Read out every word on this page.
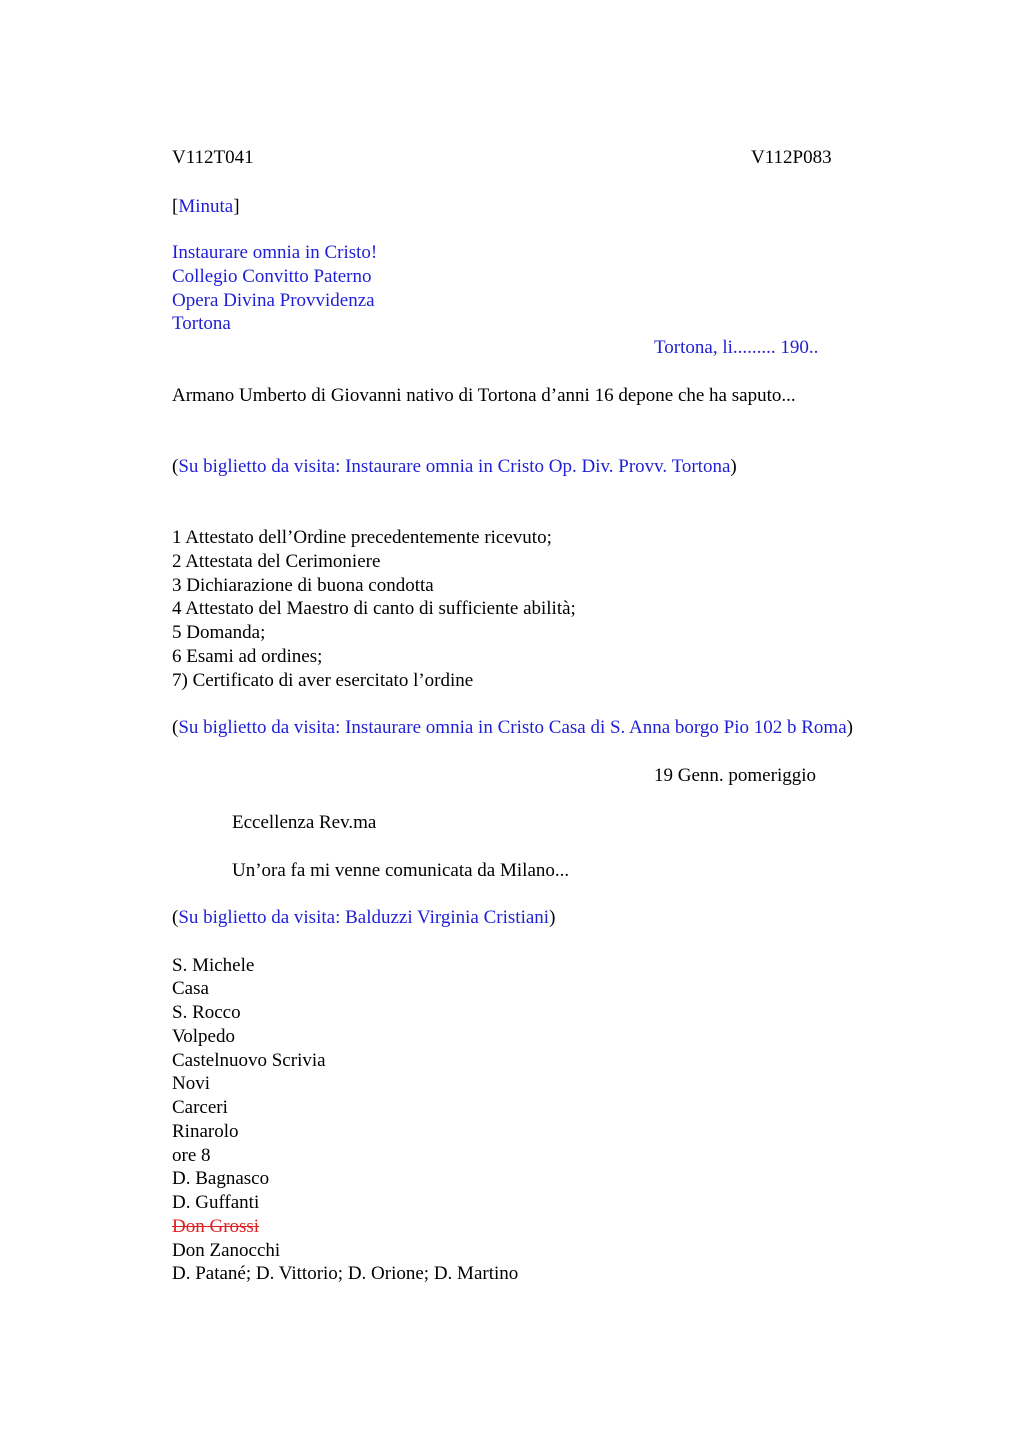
V112T041	V112P083
[Minuta]
Instaurare omnia in Cristo!
Collegio Convitto Paterno
Opera Divina Provvidenza
Tortona
Tortona, li......... 190..
Armano Umberto di Giovanni nativo di Tortona d’anni 16 depone che ha saputo...
(Su biglietto da visita: Instaurare omnia in Cristo Op. Div. Provv. Tortona)
1 Attestato dell’Ordine precedentemente ricevuto;
2 Attestata del Cerimoniere
3 Dichiarazione di buona condotta
4 Attestato del Maestro di canto di sufficiente abilità;
5 Domanda;
6 Esami ad ordines;
7) Certificato di aver esercitato l’ordine
(Su biglietto da visita: Instaurare omnia in Cristo Casa di S. Anna borgo Pio 102 b Roma)
19 Genn. pomeriggio
Eccellenza Rev.ma
Un’ora fa mi venne comunicata da Milano...
(Su biglietto da visita: Balduzzi Virginia Cristiani)
S. Michele
Casa
S. Rocco
Volpedo
Castelnuovo Scrivia
Novi
Carceri
Rinarolo
ore 8
D. Bagnasco
D. Guffanti
Don Grossi
Don Zanocchi
D. Patané; D. Vittorio; D. Orione; D. Martino
